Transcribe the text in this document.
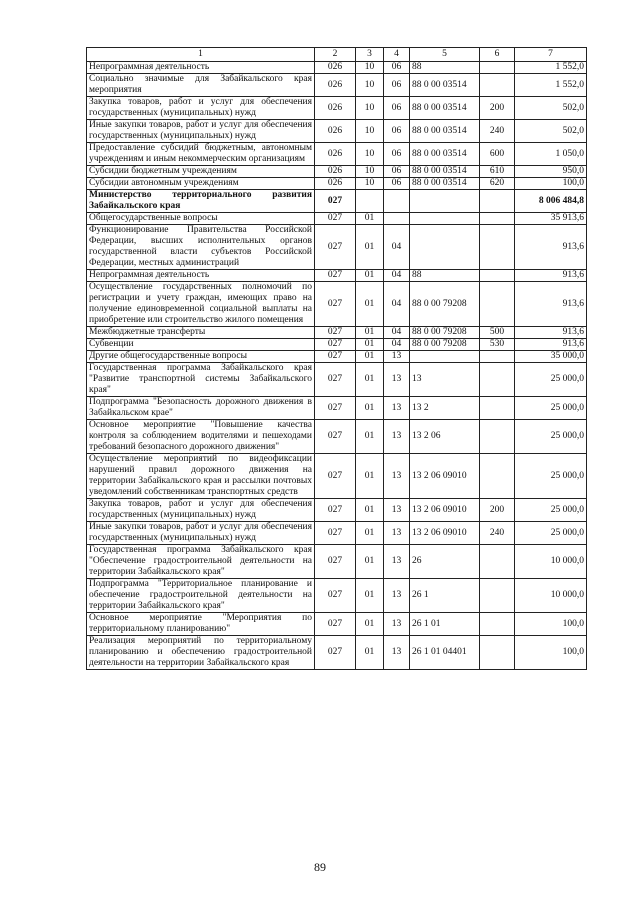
1	2	3	4	5	6	7
Непрограммная деятельность	026	10	06	88		1 552,0
Социально значимые для Забайкальского края мероприятия	026	10	06	88 0 00 03514		1 552,0
Закупка товаров, работ и услуг для обеспечения государственных (муниципальных) нужд	026	10	06	88 0 00 03514	200	502,0
Иные закупки товаров, работ и услуг для обеспечения государственных (муниципальных) нужд	026	10	06	88 0 00 03514	240	502,0
Предоставление субсидий бюджетным, автономным учреждениям и иным некоммерческим организациям	026	10	06	88 0 00 03514	600	1 050,0
Субсидии бюджетным учреждениям	026	10	06	88 0 00 03514	610	950,0
Субсидии автономным учреждениям	026	10	06	88 0 00 03514	620	100,0
Министерство территориального развития Забайкальского края	027					8 006 484,8
Общегосударственные вопросы	027	01				35 913,6
Функционирование Правительства Российской Федерации, высших исполнительных органов государственной власти субъектов Российской Федерации, местных администраций	027	01	04			913,6
Непрограммная деятельность	027	01	04	88		913,6
Осуществление государственных полномочий по регистрации и учету граждан, имеющих право на получение единовременной социальной выплаты на приобретение или строительство жилого помещения	027	01	04	88 0 00 79208		913,6
Межбюджетные трансферты	027	01	04	88 0 00 79208	500	913,6
Субвенции	027	01	04	88 0 00 79208	530	913,6
Другие общегосударственные вопросы	027	01	13			35 000,0
Государственная программа Забайкальского края "Развитие транспортной системы Забайкальского края"	027	01	13	13		25 000,0
Подпрограмма "Безопасность дорожного движения в Забайкальском крае"	027	01	13	13 2		25 000,0
Основное мероприятие "Повышение качества контроля за соблюдением водителями и пешеходами требований безопасного дорожного движения"	027	01	13	13 2 06		25 000,0
Осуществление мероприятий по видеофиксации нарушений правил дорожного движения на территории Забайкальского края и рассылки почтовых уведомлений собственникам транспортных средств	027	01	13	13 2 06 09010		25 000,0
Закупка товаров, работ и услуг для обеспечения государственных (муниципальных) нужд	027	01	13	13 2 06 09010	200	25 000,0
Иные закупки товаров, работ и услуг для обеспечения государственных (муниципальных) нужд	027	01	13	13 2 06 09010	240	25 000,0
Государственная программа Забайкальского края "Обеспечение градостроительной деятельности на территории Забайкальского края"	027	01	13	26		10 000,0
Подпрограмма "Территориальное планирование и обеспечение градостроительной деятельности на территории Забайкальского края"	027	01	13	26 1		10 000,0
Основное мероприятие "Мероприятия по территориальному планированию"	027	01	13	26 1 01		100,0
Реализация мероприятий по территориальному планированию и обеспечению градостроительной деятельности на территории Забайкальского края	027	01	13	26 1 01 04401		100,0
89
